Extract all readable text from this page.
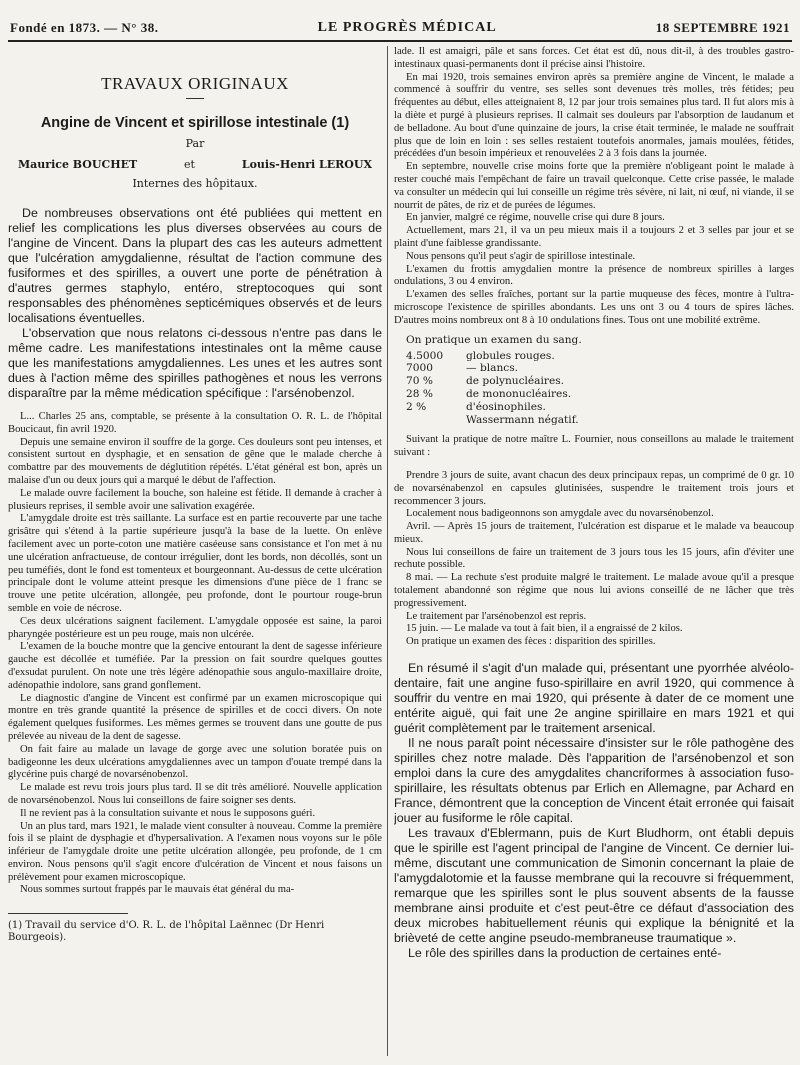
Fondé en 1873. — N° 38.	LE PROGRÈS MÉDICAL	18 SEPTEMBRE 1921
TRAVAUX ORIGINAUX
Angine de Vincent et spirillose intestinale (1)
Par
Maurice BOUCHET	et	Louis-Henri LEROUX
Internes des hôpitaux.

De nombreuses observations ont été publiées qui mettent en relief les complications les plus diverses observées au cours de l'angine de Vincent. Dans la plupart des cas les auteurs admettent que l'ulcération amygdalienne, résultat de l'action commune des fusiformes et des spirilles, a ouvert une porte de pénétration à d'autres germes staphylo, entéro, streptocoques qui sont responsables des phénomènes septicémiques observés et de leurs localisations éventuelles.

L'observation que nous relatons ci-dessous n'entre pas dans le même cadre. Les manifestations intestinales ont la même cause que les manifestations amygdaliennes. Les unes et les autres sont dues à l'action même des spirilles pathogènes et nous les verrons disparaître par la même médication spécifique : l'arsénobenzol.

L... Charles 25 ans, comptable, se présente à la consultation O. R. L. de l'hôpital Boucicaut, fin avril 1920.

Depuis une semaine environ il souffre de la gorge. Ces douleurs sont peu intenses, et consistent surtout en dysphagie, et en sensation de gêne que le malade cherche à combattre par des mouvements de déglutition répétés. L'état général est bon, après un malaise d'un ou deux jours qui a marqué le début de l'affection.

Le malade ouvre facilement la bouche, son haleine est fétide. Il demande à cracher à plusieurs reprises, il semble avoir une salivation exagérée.

L'amygdale droite est très saillante. La surface est en partie recouverte par une tache grisâtre qui s'étend à la partie supérieure jusqu'à la base de la luette. On enlève facilement avec un porte-coton une matière caséeuse sans consistance et l'on met à nu une ulcération anfractueuse, de contour irrégulier, dont les bords, non décollés, sont un peu tuméfiés, dont le fond est tomenteux et bourgeonnant. Au-dessus de cette ulcération principale dont le volume atteint presque les dimensions d'une pièce de 1 franc se trouve une petite ulcération, allongée, peu profonde, dont le pourtour rouge-brun semble en voie de nécrose.

Ces deux ulcérations saignent facilement. L'amygdale opposée est saine, la paroi pharyngée postérieure est un peu rouge, mais non ulcérée.

L'examen de la bouche montre que la gencive entourant la dent de sagesse inférieure gauche est décollée et tuméfiée. Par la pression on fait sourdre quelques gouttes d'exsudat purulent. On note une très légère adénopathie sous angulo-maxillaire droite, adénopathie indolore, sans grand gonflement.

Le diagnostic d'angine de Vincent est confirmé par un examen microscopique qui montre en très grande quantité la présence de spirilles et de cocci divers. On note également quelques fusiformes. Les mêmes germes se trouvent dans une goutte de pus prélevée au niveau de la dent de sagesse.

On fait faire au malade un lavage de gorge avec une solution boratée puis on badigeonne les deux ulcérations amygdaliennes avec un tampon d'ouate trempé dans la glycérine puis chargé de novarsénobenzol.

Le malade est revu trois jours plus tard. Il se dit très amélioré. Nouvelle application de novarsénobenzol. Nous lui conseillons de faire soigner ses dents.

Il ne revient pas à la consultation suivante et nous le supposons guéri.

Un an plus tard, mars 1921, le malade vient consulter à nouveau. Comme la première fois il se plaint de dysphagie et d'hypersalivation. A l'examen nous voyons sur le pôle inférieur de l'amygdale droite une petite ulcération allongée, peu profonde, de 1 cm environ. Nous pensons qu'il s'agit encore d'ulcération de Vincent et nous faisons un prélèvement pour examen microscopique.

Nous sommes surtout frappés par le mauvais état général du ma-

(1) Travail du service d'O. R. L. de l'hôpital Laënnec (Dr Henri Bourgeois).

lade. Il est amaigri, pâle et sans forces. Cet état est dû, nous dit-il, à des troubles gastro-intestinaux quasi-permanents dont il précise ainsi l'histoire.

En mai 1920, trois semaines environ après sa première angine de Vincent, le malade a commencé à souffrir du ventre, ses selles sont devenues très molles, très fétides; peu fréquentes au début, elles atteignaient 8, 12 par jour trois semaines plus tard. Il fut alors mis à la diète et purgé à plusieurs reprises. Il calmait ses douleurs par l'absorption de laudanum et de belladone. Au bout d'une quinzaine de jours, la crise était terminée, le malade ne souffrait plus que de loin en loin : ses selles restaient toutefois anormales, jamais moulées, fétides, précédées d'un besoin impérieux et renouvelées 2 à 3 fois dans la journée.

En septembre, nouvelle crise moins forte que la première n'obligeant point le malade à rester couché mais l'empêchant de faire un travail quelconque. Cette crise passée, le malade va consulter un médecin qui lui conseille un régime très sévère, ni lait, ni œuf, ni viande, il se nourrit de pâtes, de riz et de purées de légumes.

En janvier, malgré ce régime, nouvelle crise qui dure 8 jours.

Actuellement, mars 21, il va un peu mieux mais il a toujours 2 et 3 selles par jour et se plaint d'une faiblesse grandissante.

Nous pensons qu'il peut s'agir de spirillose intestinale.

L'examen du frottis amygdalien montre la présence de nombreux spirilles à larges ondulations, 3 ou 4 environ.

L'examen des selles fraîches, portant sur la partie muqueuse des fèces, montre à l'ultra-microscope l'existence de spirilles abondants. Les uns ont 3 ou 4 tours de spires lâches. D'autres moins nombreux ont 8 à 10 ondulations fines. Tous ont une mobilité extrême.

On pratique un examen du sang.
4.5000	globules rouges.
7000	— blancs.
70 %	de polynucléaires.
28 %	de mononucléaires.
2 %	d'éosinophiles.
Wassermann négatif.

Suivant la pratique de notre maître L. Fournier, nous conseillons au malade le traitement suivant :

Prendre 3 jours de suite, avant chacun des deux principaux repas, un comprimé de 0 gr. 10 de novarsénabenzol en capsules glutinisées, suspendre le traitement trois jours et recommencer 3 jours.

Localement nous badigeonnons son amygdale avec du novarsénobenzol.

Avril. — Après 15 jours de traitement, l'ulcération est disparue et le malade va beaucoup mieux.

Nous lui conseillons de faire un traitement de 3 jours tous les 15 jours, afin d'éviter une rechute possible.

8 mai. — La rechute s'est produite malgré le traitement. Le malade avoue qu'il a presque totalement abandonné son régime que nous lui avions conseillé de ne lâcher que très progressivement.

Le traitement par l'arsénobenzol est repris.

15 juin. — Le malade va tout à fait bien, il a engraissé de 2 kilos.

On pratique un examen des fèces : disparition des spirilles.

En résumé il s'agit d'un malade qui, présentant une pyorrhée alvéolo-dentaire, fait une angine fuso-spirillaire en avril 1920, qui commence à souffrir du ventre en mai 1920, qui présente à dater de ce moment une entérite aiguë, qui fait une 2e angine spirillaire en mars 1921 et qui guérit complètement par le traitement arsenical.

Il ne nous paraît point nécessaire d'insister sur le rôle pathogène des spirilles chez notre malade. Dès l'apparition de l'arsénobenzol et son emploi dans la cure des amygdalites chancriformes à association fuso-spirillaire, les résultats obtenus par Erlich en Allemagne, par Achard en France, démontrent que la conception de Vincent était erronée qui faisait jouer au fusiforme le rôle capital.

Les travaux d'Eblermann, puis de Kurt Bludhorm, ont établi depuis que le spirille est l'agent principal de l'angine de Vincent. Ce dernier lui-même, discutant une communication de Simonin concernant la plaie de l'amygdalotomie et la fausse membrane qui la recouvre si fréquemment, remarque que les spirilles sont le plus souvent absents de la fausse membrane ainsi produite et c'est peut-être ce défaut d'association des deux microbes habituellement réunis qui explique la bénignité et la brièveté de cette angine pseudo-membraneuse traumatique ».

Le rôle des spirilles dans la production de certaines enté-
